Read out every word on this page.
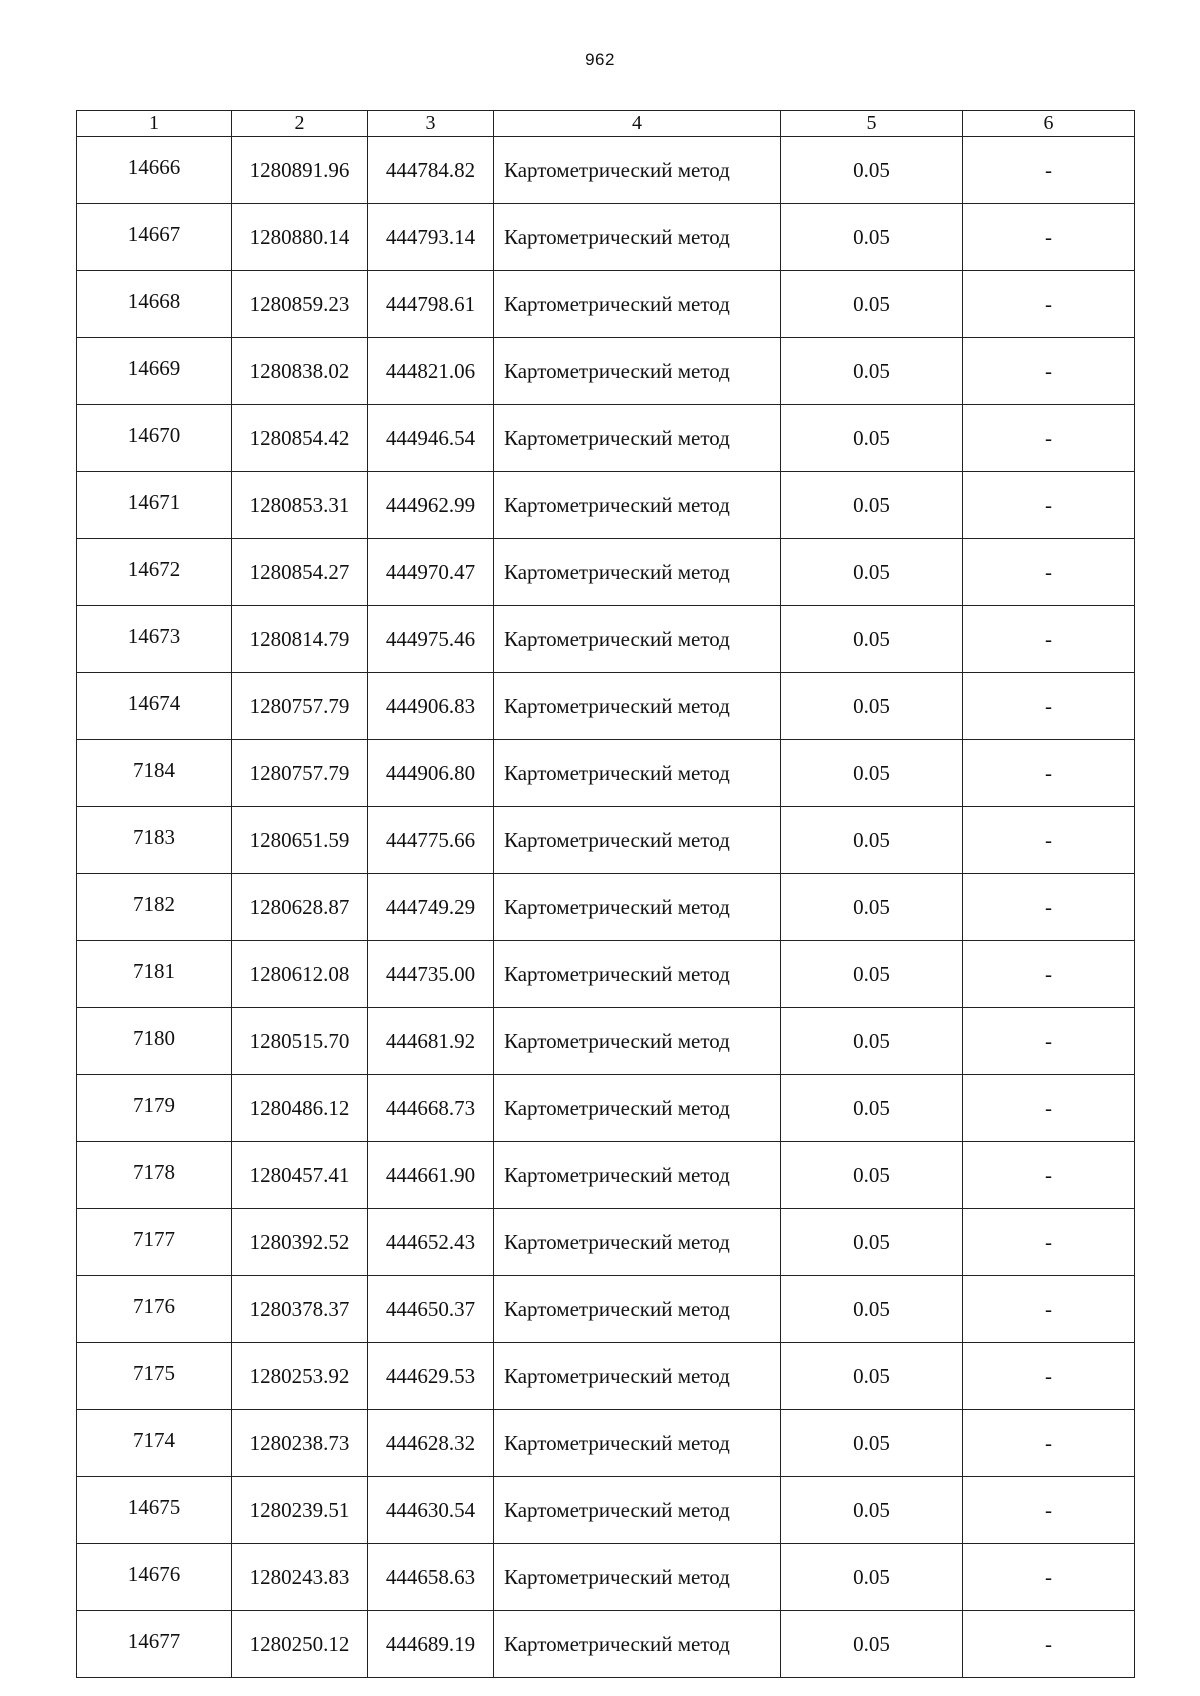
962
1	2	3	4	5	6
14666	1280891.96	444784.82	Картометрический метод	0.05	-
14667	1280880.14	444793.14	Картометрический метод	0.05	-
14668	1280859.23	444798.61	Картометрический метод	0.05	-
14669	1280838.02	444821.06	Картометрический метод	0.05	-
14670	1280854.42	444946.54	Картометрический метод	0.05	-
14671	1280853.31	444962.99	Картометрический метод	0.05	-
14672	1280854.27	444970.47	Картометрический метод	0.05	-
14673	1280814.79	444975.46	Картометрический метод	0.05	-
14674	1280757.79	444906.83	Картометрический метод	0.05	-
7184	1280757.79	444906.80	Картометрический метод	0.05	-
7183	1280651.59	444775.66	Картометрический метод	0.05	-
7182	1280628.87	444749.29	Картометрический метод	0.05	-
7181	1280612.08	444735.00	Картометрический метод	0.05	-
7180	1280515.70	444681.92	Картометрический метод	0.05	-
7179	1280486.12	444668.73	Картометрический метод	0.05	-
7178	1280457.41	444661.90	Картометрический метод	0.05	-
7177	1280392.52	444652.43	Картометрический метод	0.05	-
7176	1280378.37	444650.37	Картометрический метод	0.05	-
7175	1280253.92	444629.53	Картометрический метод	0.05	-
7174	1280238.73	444628.32	Картометрический метод	0.05	-
14675	1280239.51	444630.54	Картометрический метод	0.05	-
14676	1280243.83	444658.63	Картометрический метод	0.05	-
14677	1280250.12	444689.19	Картометрический метод	0.05	-
